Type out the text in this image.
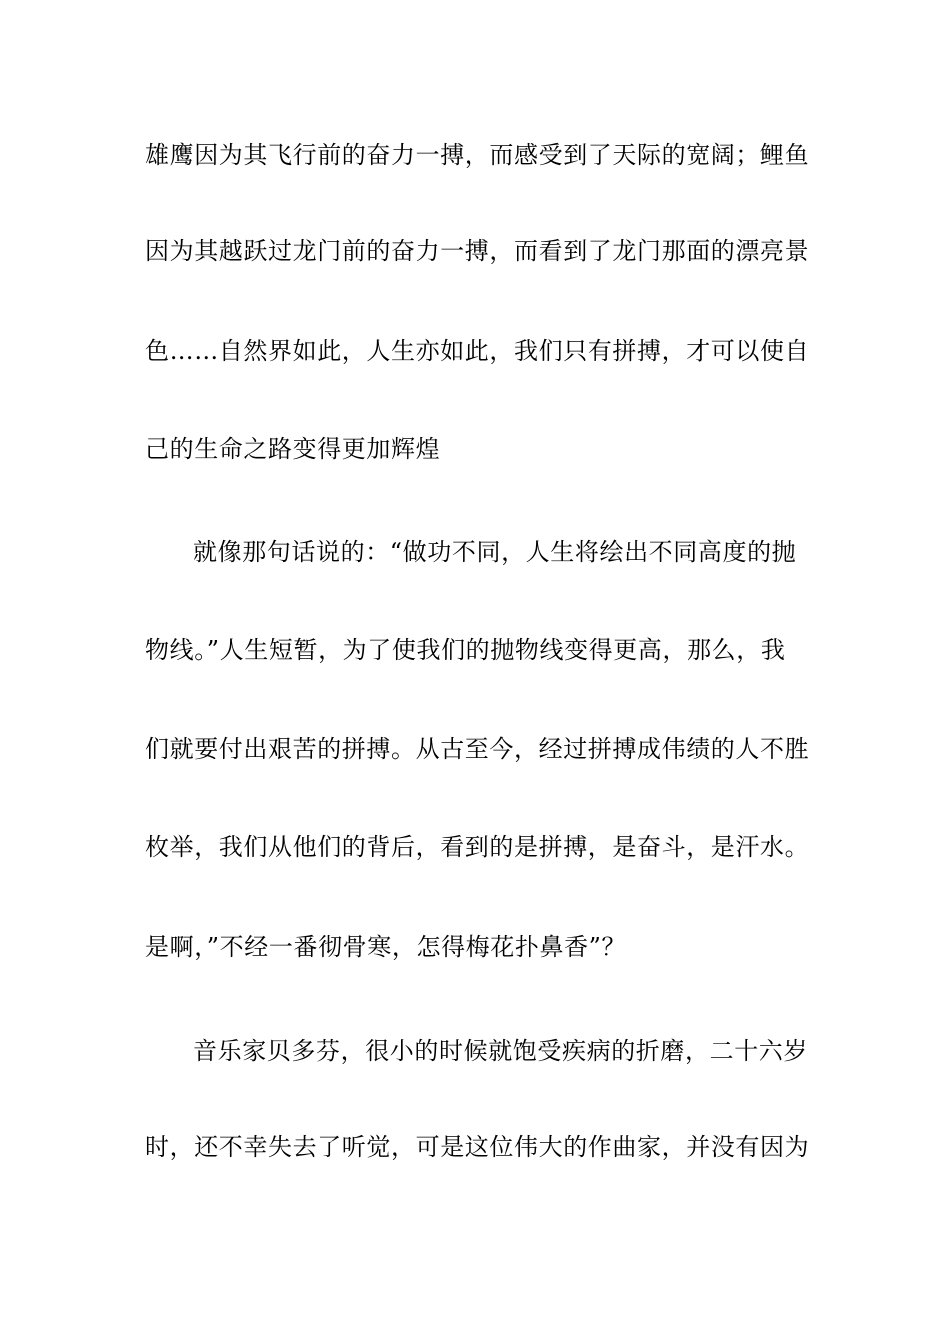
雄鹰因为其飞行前的奋力一搏，而感受到了天际的宽阔；鲤鱼
因为其越跃过龙门前的奋力一搏，而看到了龙门那面的漂亮景
色……自然界如此，人生亦如此，我们只有拼搏，才可以使自
己的生命之路变得更加辉煌
就像那句话说的：“做功不同，人生将绘出不同高度的抛
物线。”人生短暂，为了使我们的抛物线变得更高，那么，我
们就要付出艰苦的拼搏。从古至今，经过拼搏成伟绩的人不胜
枚举，我们从他们的背后，看到的是拼搏，是奋斗，是汗水。
是啊，”不经一番彻骨寒，怎得梅花扑鼻香”？
音乐家贝多芬，很小的时候就饱受疾病的折磨，二十六岁
时，还不幸失去了听觉，可是这位伟大的作曲家，并没有因为
